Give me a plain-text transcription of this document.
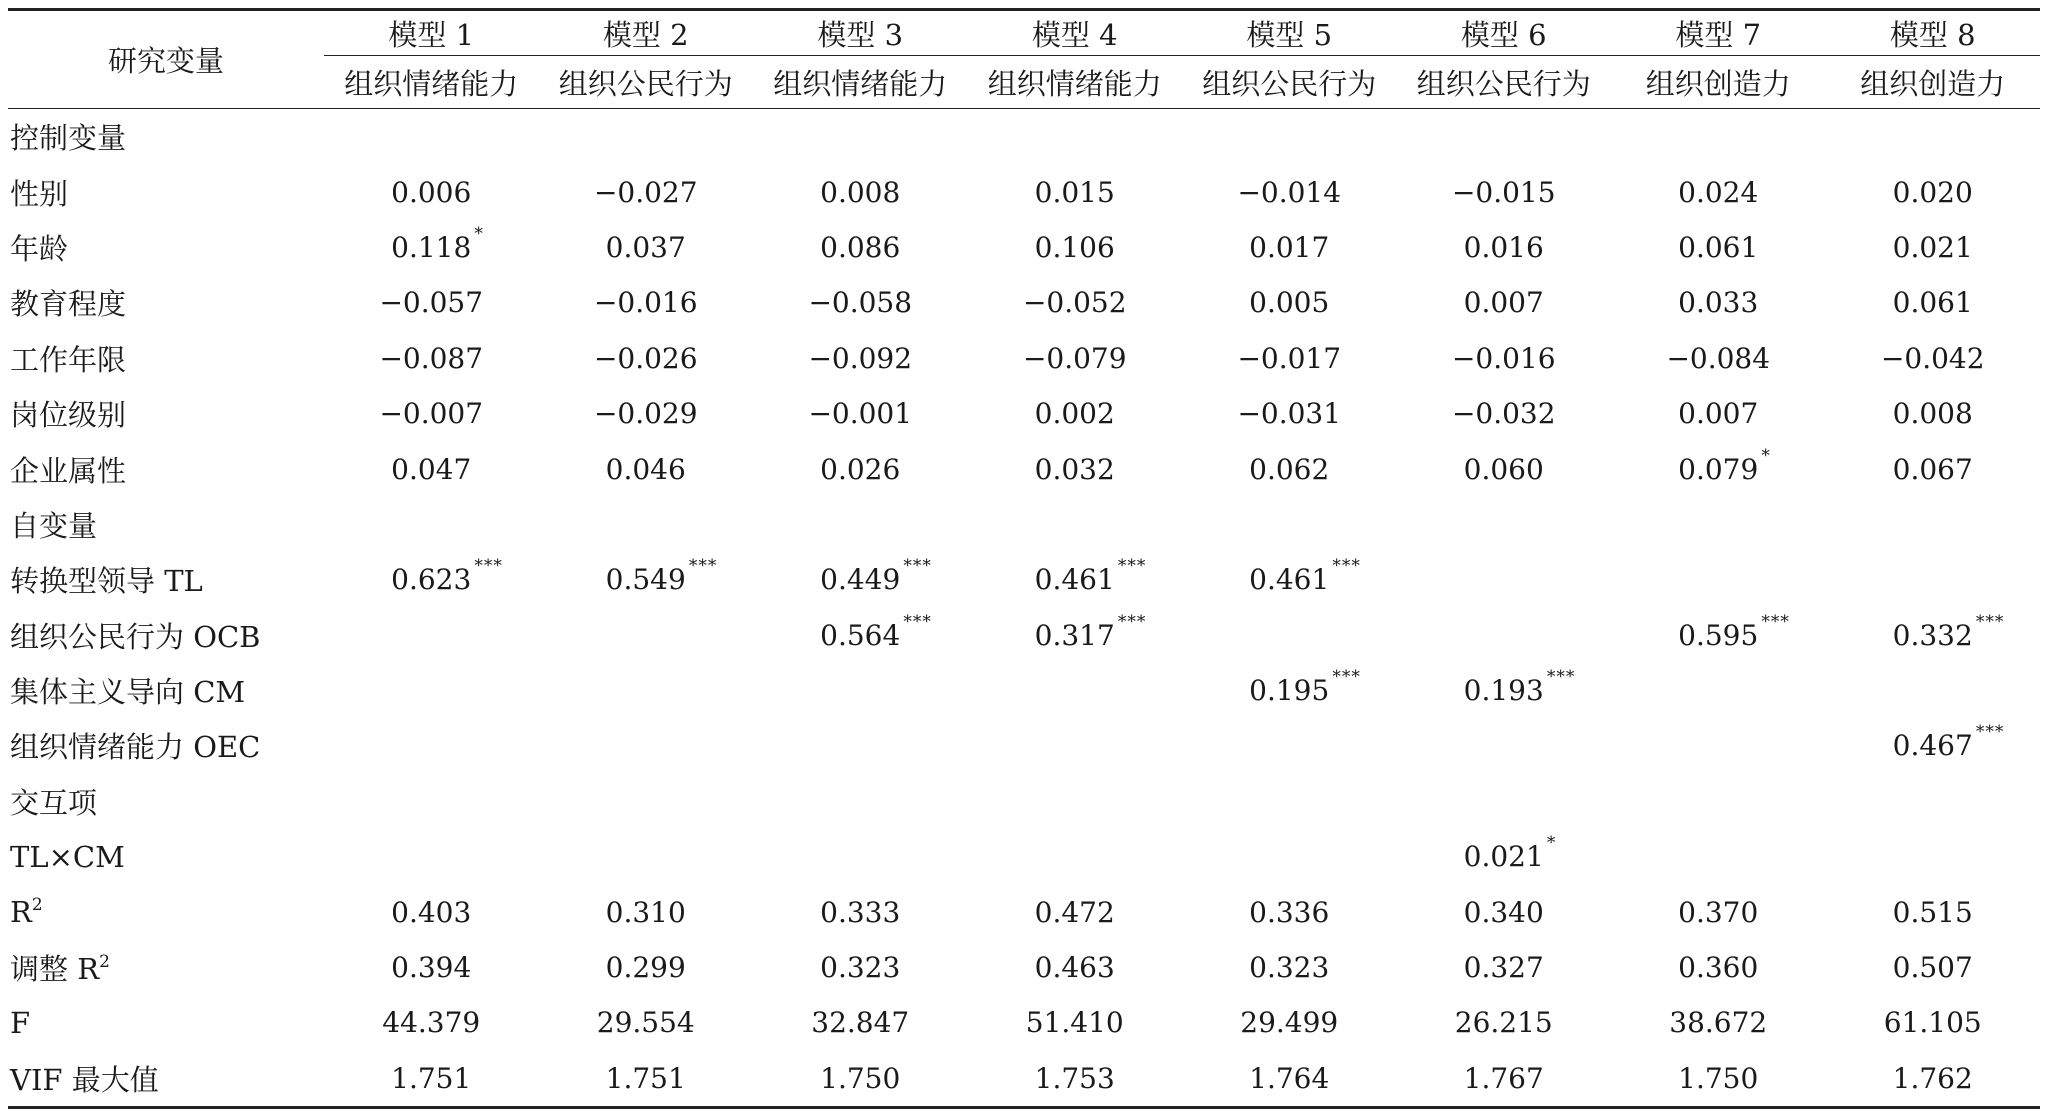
研究变量	模型 1	模型 2	模型 3	模型 4	模型 5	模型 6	模型 7	模型 8
	组织情绪能力	组织公民行为	组织情绪能力	组织情绪能力	组织公民行为	组织公民行为	组织创造力	组织创造力
控制变量								
性别	0.006	−0.027	0.008	0.015	−0.014	−0.015	0.024	0.020
年龄	0.118 *	0.037	0.086	0.106	0.017	0.016	0.061	0.021
教育程度	−0.057	−0.016	−0.058	−0.052	0.005	0.007	0.033	0.061
工作年限	−0.087	−0.026	−0.092	−0.079	−0.017	−0.016	−0.084	−0.042
岗位级别	−0.007	−0.029	−0.001	0.002	−0.031	−0.032	0.007	0.008
企业属性	0.047	0.046	0.026	0.032	0.062	0.060	0.079 *	0.067
自变量								
转换型领导 TL	0.623 ***	0.549 ***	0.449 ***	0.461 ***	0.461 ***			

组织公民行为 OCB			0.564 ***	0.317 ***			0.595 ***	0.332 ***

集体主义导向 CM					0.195 ***	0.193 ***		

组织情绪能力 OEC								0.467 ***

交互项								
TL×CM						0.021 *		

$R^2$	0.403	0.310	0.333	0.472	0.336	0.340	0.370	0.515
调整 $R^2$	0.394	0.299	0.323	0.463	0.323	0.327	0.360	0.507
F	44.379	29.554	32.847	51.410	29.499	26.215	38.672	61.105
VIF 最大值	1.751	1.751	1.750	1.753	1.764	1.767	1.750	1.762
